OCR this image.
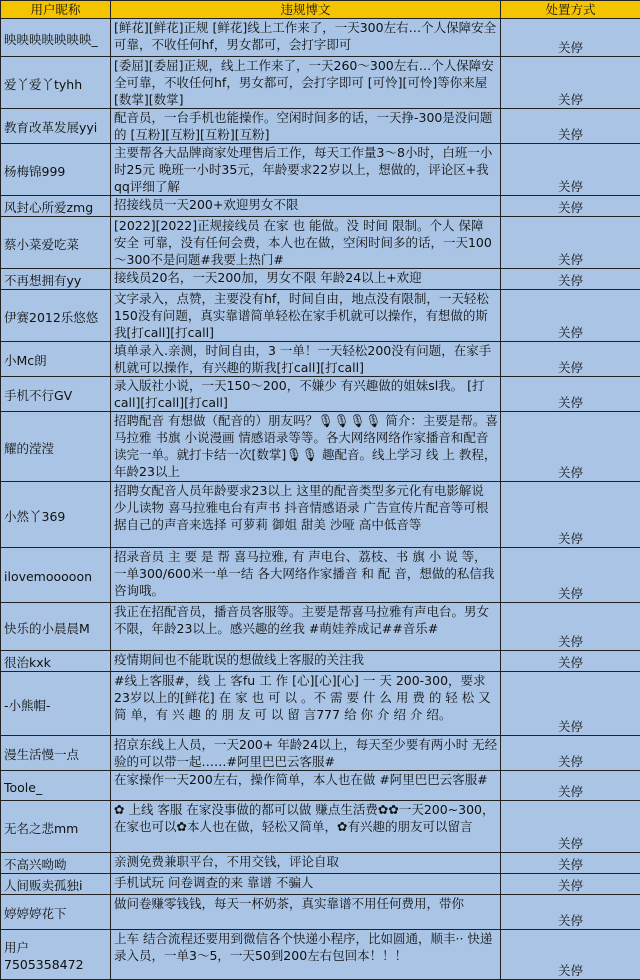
用户昵称	违规博文	处置方式
映映映映映映映_	[鲜花][鲜花]正规 [鲜花]线上工作来了，一天300左右…个人保障安全可靠，不收任何hf，男女都可，会打字即可	关停
爱丫爱丫tyhh	[委屈][委屈]正规，线上工作来了，一天260～300左右…个人保障安全可靠，不收任何hf，男女都可，会打字即可 [可怜][可怜]等你来屋[数掌][数掌]	关停
教育改革发展yyi	配音员，一台手机也能操作。空闲时间多的话，一天挣-300是没问题的 [互粉][互粉][互粉][互粉]	关停
杨梅锦999	主要帮各大品牌商家处理售后工作，每天工作量3～8小时，白班一小时25元 晚班一小时35元，年龄要求22岁以上，想做的，评论区+我qq评细了解	关停
风封心所爱zmg	招接线员一天200+欢迎男女不限	关停
蔡小菜爱吃菜	[2022][2022]正规接线员 在家 也 能做。没 时间 限制。个人 保障 安全 可靠，没有任何会费，本人也在做，空闲时间多的话，一天100～300不是问题#我要上热门#	关停
不再想拥有yy	接线员20名，一天200加，男女不限 年龄24以上+欢迎	关停
伊赛2012乐悠悠	文字录入，点赞，主要没有hf，时间自由，地点没有限制，一天轻松150没有问题，真实靠谱简单轻松在家手机就可以操作，有想做的斯我[打call][打call]	关停
小Mc朗	填单录入.亲测，时间自由，3 一单！一天轻松200没有问题，在家手机就可以操作，有兴趣的斯我[打call][打call]	关停
手机不行GV	录入版社小说，一天150～200，不嫌少 有兴趣做的姐妹sl我。 [打call][打call][打call]	关停
耀的滢滢	招聘配音 有想做（配音的）朋友吗？🎙🎙🎙🎙 简介：主要是帮。喜马拉雅 书旗 小说漫画 情感语录等等。各大网络网络作家播音和配音 读完一单。就打卡结一次[数掌]🎙🎙 趣配音。线上学习 线 上 教程，年龄23以上	关停
小然丫369	招聘女配音人员年龄要求23以上 这里的配音类型多元化有电影解说 少儿读物 喜马拉雅电台有声书 抖音情感语录 广告宣传片配音等可根据自己的声音来选择 可萝莉 御姐 甜美 沙哑 高中低音等	关停
ilovemooooon	招录音员 主 要 是 帮 喜马拉雅, 有 声电台、荔枝、书 旗 小 说 等，一单300/600米一单一结 各大网络作家播音 和 配 音，想做的私信我咨询哦。	关停
快乐的小晨晨M	我正在招配音员，播音员客服等。主要是帮喜马拉雅有声电台。男女不限，年龄23以上。感兴趣的丝我 #萌娃养成记##音乐#	关停
很治kxk	疫情期间也不能耽误的想做线上客服的关注我	关停
-小熊帽-	#线上客服#，线 上 客fu 工 作 [心][心][心] 一 天 200-300，要求23岁以上的[鲜花] 在 家 也 可 以 。不 需 要 什 么 用 费 的 轻 松 又 简 单，有 兴 趣 的 朋 友 可 以 留 言777 给 你 介 绍 介 绍。	关停
漫生活慢一点	招京东线上人员，一天200+ 年龄24以上，每天至少要有两小时 无经验的可以带一起……#阿里巴巴云客服#	关停
Toole_	在家操作一天200左右，操作简单，本人也在做 #阿里巴巴云客服#	关停
无名之悲mm	✿ 上线 客服 在家没事做的都可以做 赚点生活费✿✿一天200~300，在家也可以✿本人也在做，轻松又简单，✿有兴趣的朋友可以留言	关停
不高兴呦呦	亲测免费兼职平台，不用交钱，评论自取	关停
人间贩卖孤独i	手机试玩 问卷调查的来 靠谱 不骗人	关停
婷婷婷花下	做问卷赚零钱钱，每天一杯奶茶，真实靠谱不用任何费用，带你	关停
用户7505358472	上车 结合流程还要用到微信各个快递小程序，比如圆通，顺丰·· 快递录入员，一单3～5，一天50到200左右包回本！！！	关停
